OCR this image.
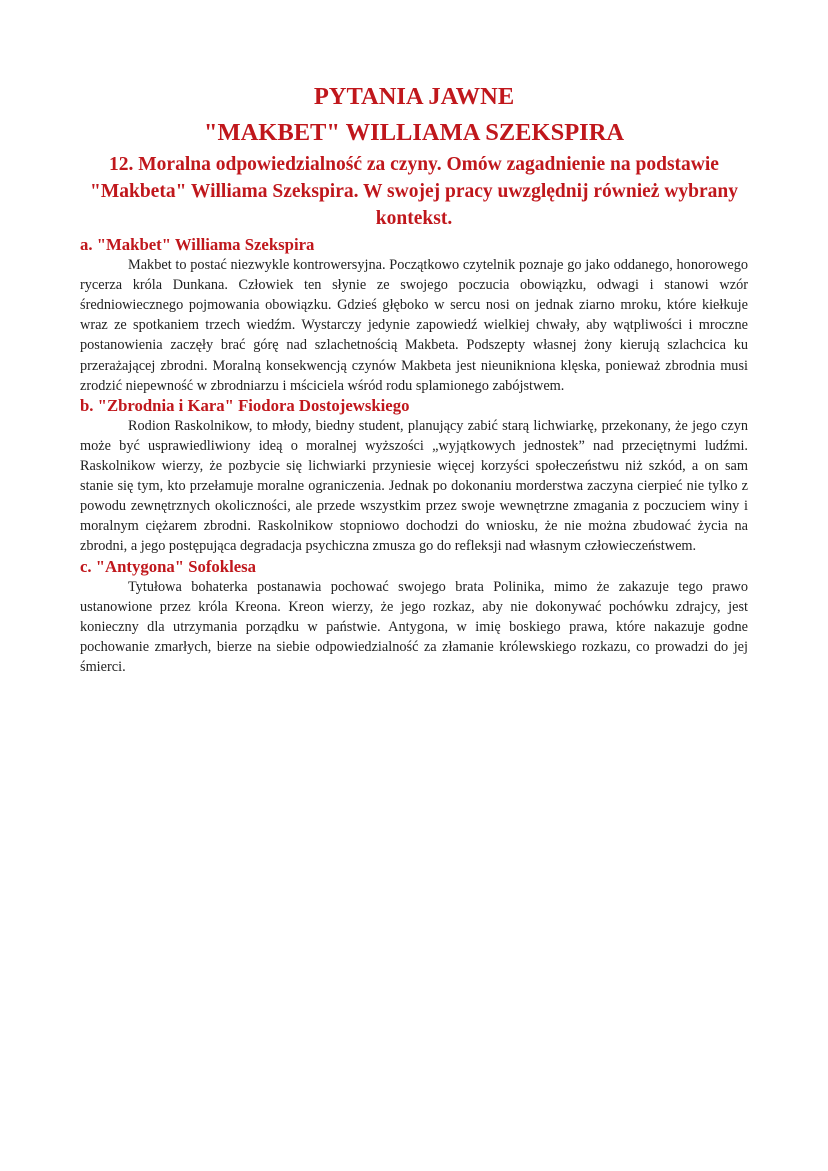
PYTANIA JAWNE
"MAKBET" WILLIAMA SZEKSPIRA
12. Moralna odpowiedzialność za czyny. Omów zagadnienie na podstawie "Makbeta" Williama Szekspira. W swojej pracy uwzględnij również wybrany kontekst.
a. "Makbet" Williama Szekspira

Makbet to postać niezwykle kontrowersyjna. Początkowo czytelnik poznaje go jako oddanego, honorowego rycerza króla Dunkana. Człowiek ten słynie ze swojego poczucia obowiązku, odwagi i stanowi wzór średniowiecznego pojmowania obowiązku. Gdzieś głęboko w sercu nosi on jednak ziarno mroku, które kiełkuje wraz ze spotkaniem trzech wiedźm. Wystarczy jedynie zapowiedź wielkiej chwały, aby wątpliwości i mroczne postanowienia zaczęły brać górę nad szlachetnością Makbeta. Podszepty własnej żony kierują szlachcica ku przerażającej zbrodni. Moralną konsekwencją czynów Makbeta jest nieunikniona klęska, ponieważ zbrodnia musi zrodzić niepewność w zbrodniarzu i mściciela wśród rodu splamionego zabójstwem.

b. "Zbrodnia i Kara" Fiodora Dostojewskiego

Rodion Raskolnikow, to młody, biedny student, planujący zabić starą lichwiarkę, przekonany, że jego czyn może być usprawiedliwiony ideą o moralnej wyższości „wyjątkowych jednostek” nad przeciętnymi ludźmi. Raskolnikow wierzy, że pozbycie się lichwiarki przyniesie więcej korzyści społeczeństwu niż szkód, a on sam stanie się tym, kto przełamuje moralne ograniczenia. Jednak po dokonaniu morderstwa zaczyna cierpieć nie tylko z powodu zewnętrznych okoliczności, ale przede wszystkim przez swoje wewnętrzne zmagania z poczuciem winy i moralnym ciężarem zbrodni. Raskolnikow stopniowo dochodzi do wniosku, że nie można zbudować życia na zbrodni, a jego postępująca degradacja psychiczna zmusza go do refleksji nad własnym człowieczeństwem.

c. "Antygona" Sofoklesa

Tytułowa bohaterka postanawia pochować swojego brata Polinika, mimo że zakazuje tego prawo ustanowione przez króla Kreona. Kreon wierzy, że jego rozkaz, aby nie dokonywać pochówku zdrajcy, jest konieczny dla utrzymania porządku w państwie. Antygona, w imię boskiego prawa, które nakazuje godne pochowanie zmarłych, bierze na siebie odpowiedzialność za złamanie królewskiego rozkazu, co prowadzi do jej śmierci.
